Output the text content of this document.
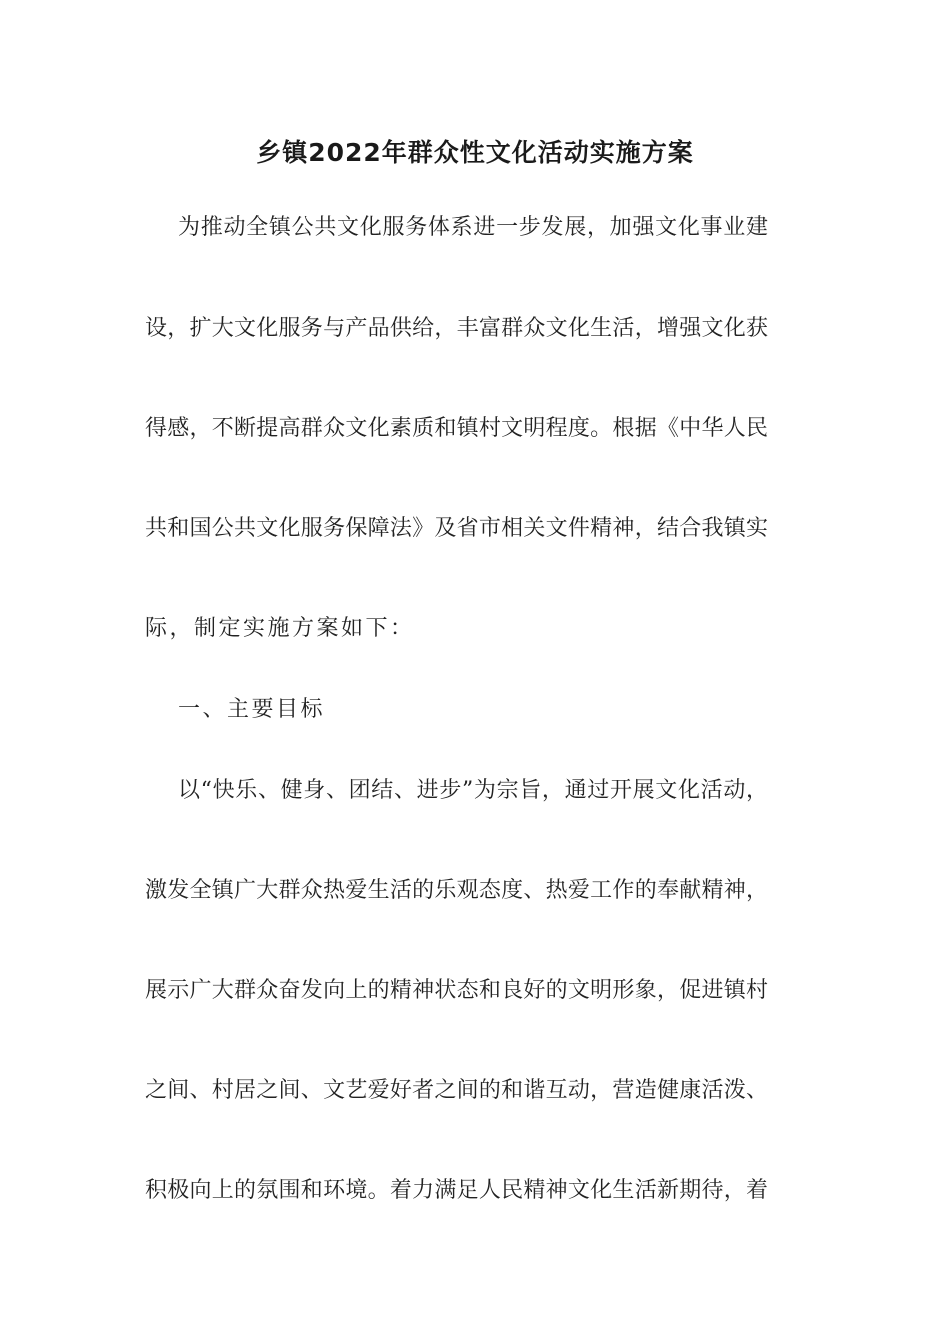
乡镇2022年群众性文化活动实施方案
为推动全镇公共文化服务体系进一步发展，加强文化事业建
设，扩大文化服务与产品供给，丰富群众文化生活，增强文化获
得感，不断提高群众文化素质和镇村文明程度。根据《中华人民
共和国公共文化服务保障法》及省市相关文件精神，结合我镇实
际，制定实施方案如下：
一、主要目标
以“快乐、健身、团结、进步”为宗旨，通过开展文化活动，
激发全镇广大群众热爱生活的乐观态度、热爱工作的奉献精神，
展示广大群众奋发向上的精神状态和良好的文明形象，促进镇村
之间、村居之间、文艺爱好者之间的和谐互动，营造健康活泼、
积极向上的氛围和环境。着力满足人民精神文化生活新期待，着
